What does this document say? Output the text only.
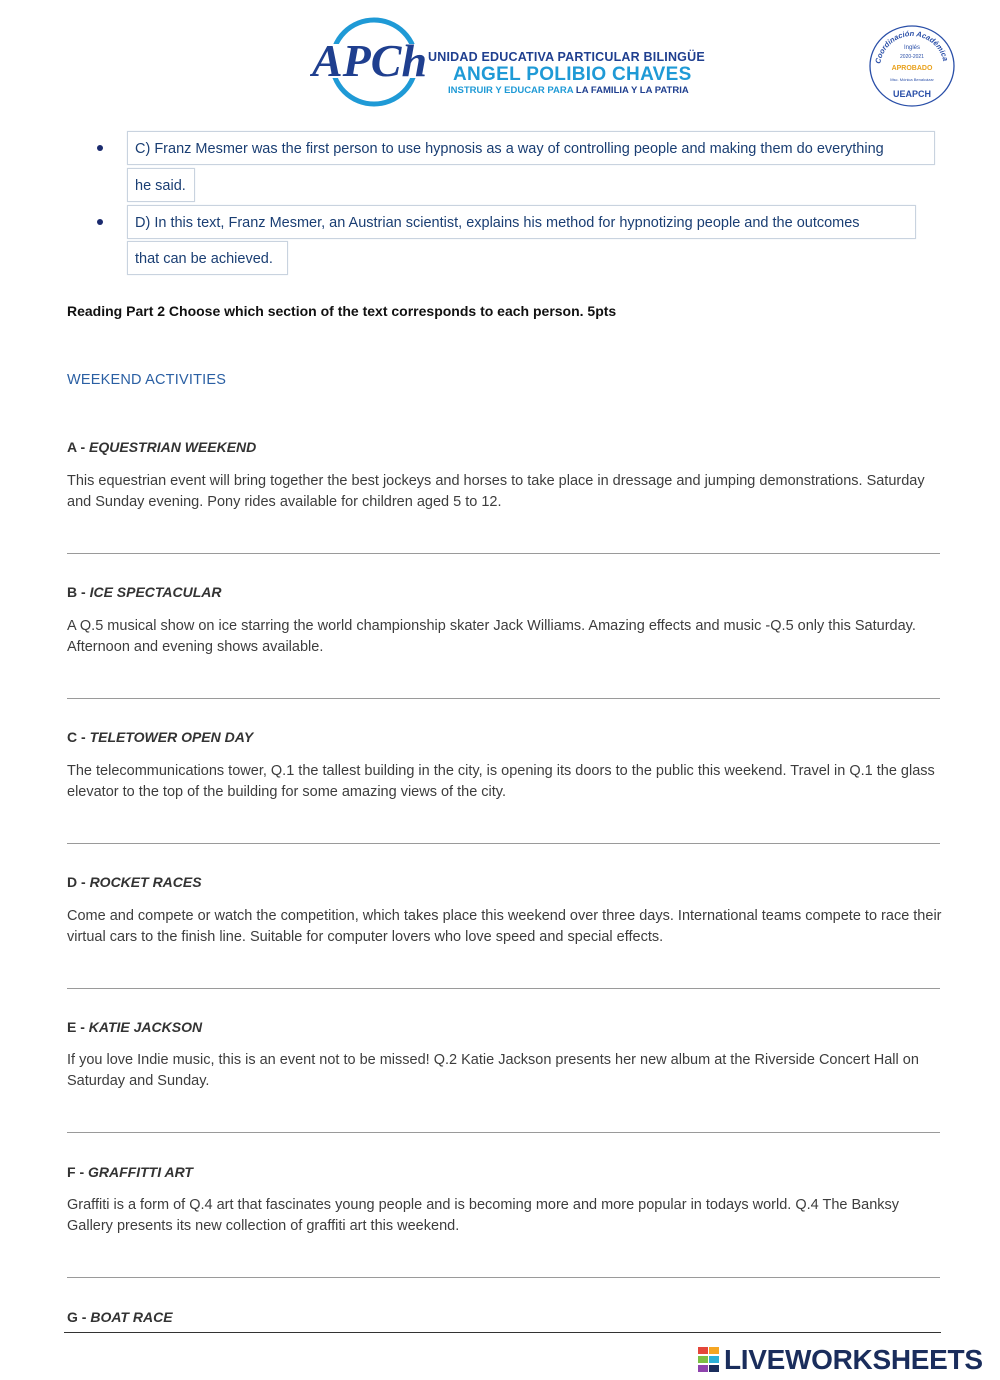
APCh UNIDAD EDUCATIVA PARTICULAR BILINGÜE
ANGEL POLIBIO CHAVES
INSTRUIR Y EDUCAR PARA LA FAMILIA Y LA PATRIA
Coordinación Académica
Inglés
2020-2021
APROBADO
Msc. Mónica Benalcázar
UEAPCH
C) Franz Mesmer was the first person to use hypnosis as a way of controlling people and making them do everything
he said.
D) In this text, Franz Mesmer, an Austrian scientist, explains his method for hypnotizing people and the outcomes
that can be achieved.
Reading Part 2 Choose which section of the text corresponds to each person. 5pts
WEEKEND ACTIVITIES
A - EQUESTRIAN WEEKEND
This equestrian event will bring together the best jockeys and horses to take place in dressage and jumping demonstrations. Saturday and Sunday evening. Pony rides available for children aged 5 to 12.
B - ICE SPECTACULAR
A Q.5 musical show on ice starring the world championship skater Jack Williams. Amazing effects and music -Q.5 only this Saturday. Afternoon and evening shows available.
C - TELETOWER OPEN DAY
The telecommunications tower, Q.1 the tallest building in the city, is opening its doors to the public this weekend. Travel in Q.1 the glass elevator to the top of the building for some amazing views of the city.
D - ROCKET RACES
Come and compete or watch the competition, which takes place this weekend over three days. International teams compete to race their virtual cars to the finish line. Suitable for computer lovers who love speed and special effects.
E - KATIE JACKSON
If you love Indie music, this is an event not to be missed! Q.2 Katie Jackson presents her new album at the Riverside Concert Hall on Saturday and Sunday.
F - GRAFFITTI ART
Graffiti is a form of Q.4 art that fascinates young people and is becoming more and more popular in todays world. Q.4 The Banksy Gallery presents its new collection of graffiti art this weekend.
G - BOAT RACE
LIVEWORKSHEETS
